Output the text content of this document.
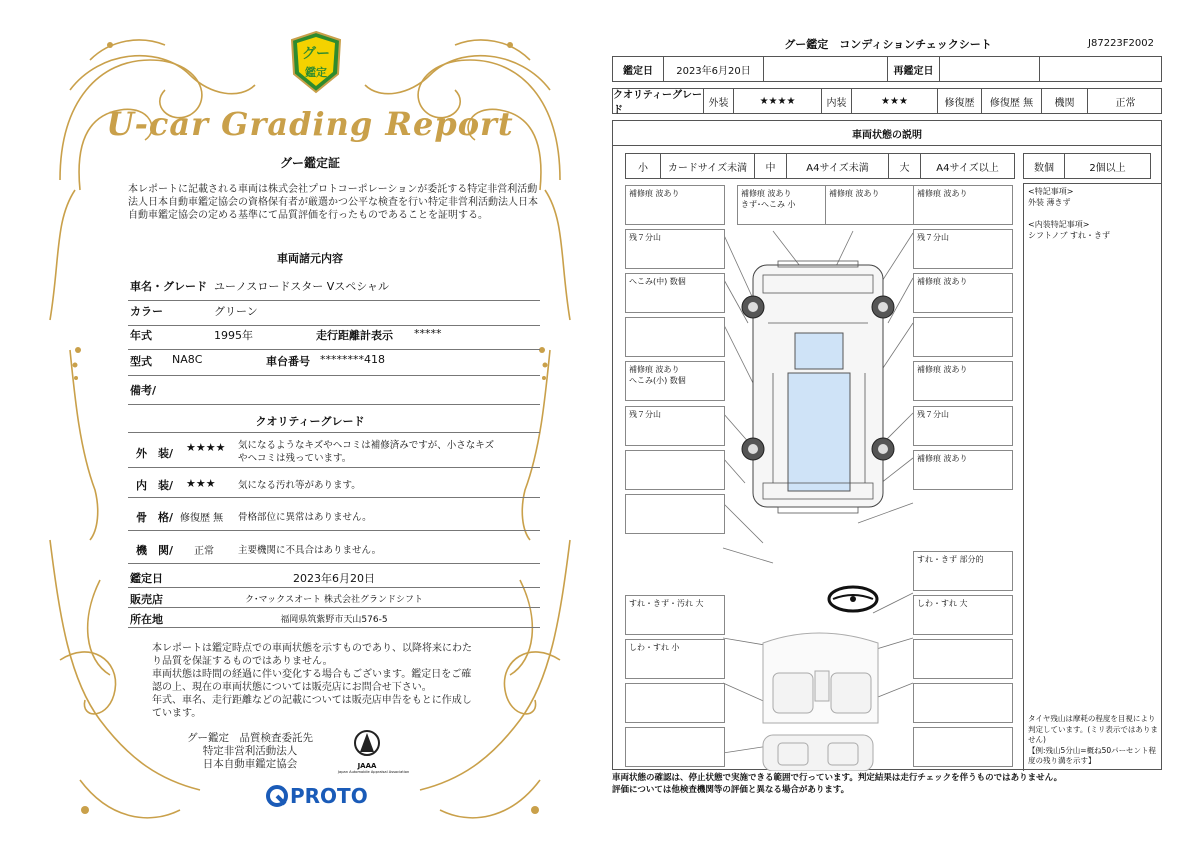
グー
鑑定
U-car Grading Report
グー鑑定証
本レポートに記載される車両は株式会社プロトコーポレーションが委託する特定非営利活動法人日本自動車鑑定協会の資格保有者が厳選かつ公平な検査を行い特定非営利活動法人日本自動車鑑定協会の定める基準にて品質評価を行ったものであることを証明する。
車両諸元内容
車名・グレード ユーノスロードスター Vスペシャル
カラー	グリーン
年式	1995年	走行距離計表示 *****
型式 NA8C	車台番号 ********418
備考/
クオリティーグレード
外　装/ ★★★★ 気になるようなキズやヘコミは補修済みですが、小さなキズやヘコミは残っています。
内　装/ ★★★ 気になる汚れ等があります。
骨　格/ 修復歴 無 骨格部位に異常はありません。
機　関/ 正常	主要機関に不具合はありません。
鑑定日	2023年6月20日
販売店	ク･マックスオート 株式会社グランドシフト
所在地	福岡県筑紫野市天山576-5
本レポートは鑑定時点での車両状態を示すものであり、以降将来にわたり品質を保証するものではありません。
車両状態は時間の経過に伴い変化する場合もございます。鑑定日をご確認の上、現在の車両状態については販売店にお問合せ下さい。
年式、車名、走行距離などの記載については販売店申告をもとに作成しています。
グー鑑定　品質検査委託先
特定非営利活動法人
日本自動車鑑定協会	JAAA
Japan Automobile Appraisal Association
PROTO
グー鑑定　コンディションチェックシート	J87223F2002
鑑定日	2023年6月20日	再鑑定日
クオリティーグレード
外装	★★★★	内装	★★★	修復歴	修復歴 無	機関	正常
車両状態の説明
小	カードサイズ未満	中	A4サイズ未満	大	A4サイズ以上	数個	2個以上
<特記事項>
外装 薄きず

<内装特記事項>
シフトノブ すれ・きず
タイヤ残山は摩耗の程度を目視により判定しています。(ミリ表示ではありません)
【例:残山5分山=概ね50パーセント程度の残り溝を示す】
補修痕 波あり
残７分山
へこみ(中) 数個
補修痕 波あり
へこみ(小) 数個
残７分山
補修痕 波あり
きず･へこみ 小
補修痕 波あり	補修痕 波あり
残７分山
補修痕 波あり
補修痕 波あり
残７分山
補修痕 波あり
すれ・きず 部分的
すれ・きず・汚れ 大
しわ・すれ 小
しわ・すれ 大
車両状態の確認は、停止状態で実施できる範囲で行っています。判定結果は走行チェックを伴うものではありません。
評価については他検査機関等の評価と異なる場合があります。
